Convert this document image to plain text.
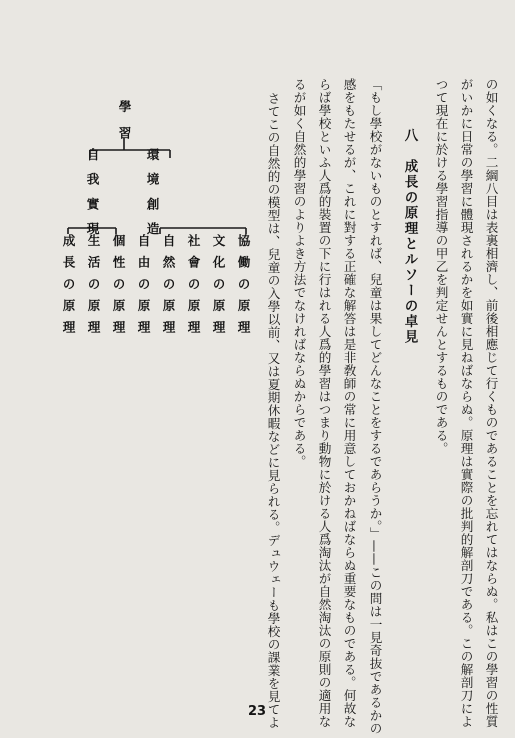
の如くなる。二綱八目は表裏相濟し、前後相應じて行くものであることを忘れてはならぬ。私はこの學習の性質
がいかに日常の學習に體現されるかを如實に見ねばならぬ。原理は實際の批判的解剖刀である。この解剖刀によ
つて現在に於ける學習指導の甲乙を判定せんとするものである。
八　成長の原理とルソーの卓見
「もし學校がないものとすれば、兒童は果してどんなことをするであらうか。」——この問は一見奇抜であるかの
感をもたせるが、これに對する正確な解答は是非敎師の常に用意しておかねばならぬ重要なものである。何故な
らば學校といふ人爲的裝置の下に行はれる人爲的學習はつまり動物に於ける人爲淘汰が自然淘汰の原則の適用な
るが如く自然的學習のよりよき方法でなければならぬからである。
さてこの自然的の模型は、兒童の入學以前、又は夏期休暇などに見られる。デュウェーも學校の課業を見てよ
學習
自我實現	環境創造
成長の原理 生活の原理 個性の原理 自由の原理 自然の原理 社會の原理 文化の原理 協働の原理
23
